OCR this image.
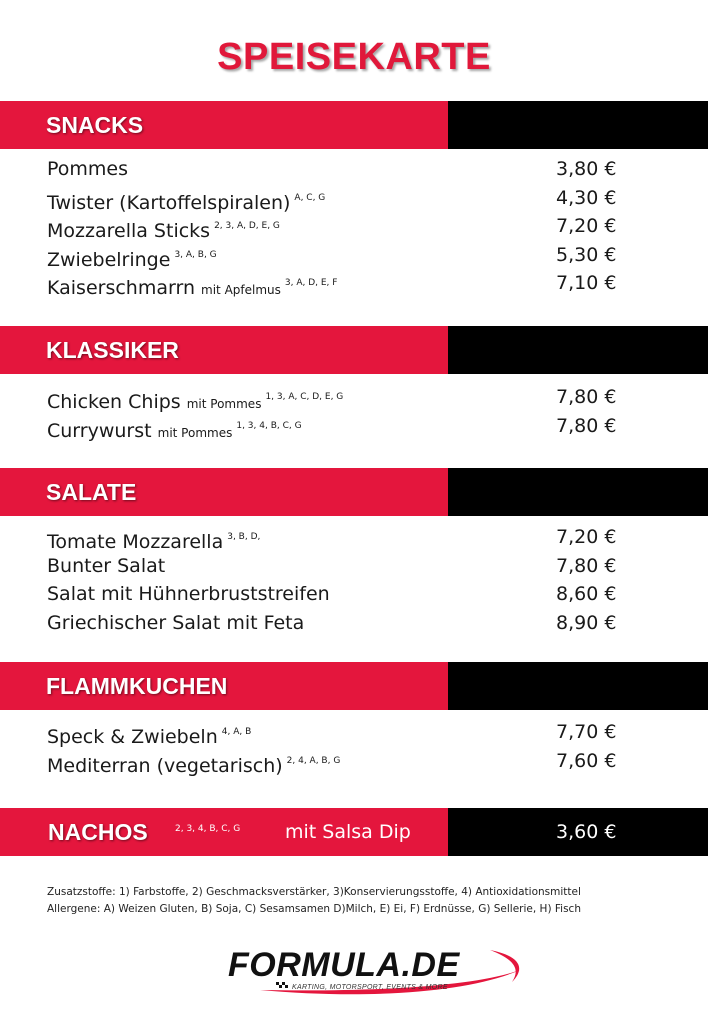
SPEISEKARTE
SNACKS
Pommes	3,80 €
Twister (Kartoffelspiralen) $^{A, C, G}$	4,30 €
Mozzarella Sticks $^{2, 3, A, D, E, G}$	7,20 €
Zwiebelringe $^{3, A, B, G}$	5,30 €
Kaiserschmarrn mit Apfelmus $^{3, A, D, E, F}$	7,10 €
KLASSIKER
Chicken Chips mit Pommes $^{1, 3, A, C, D, E, G}$	7,80 €
Currywurst mit Pommes $^{1, 3, 4, B, C, G}$	7,80 €
SALATE
Tomate Mozzarella $^{3, B, D,}$	7,20 €
Bunter Salat	7,80 €
Salat mit Hühnerbruststreifen	8,60 €
Griechischer Salat mit Feta	8,90 €
FLAMMKUCHEN
Speck & Zwiebeln $^{4, A, B}$	7,70 €
Mediterran (vegetarisch) $^{2, 4, A, B, G}$	7,60 €
NACHOS	2, 3, 4, B, C, G mit Salsa Dip	3,60 €
Zusatzstoffe: 1) Farbstoffe, 2) Geschmacksverstärker, 3)Konservierungsstoffe, 4) Antioxidationsmittel
Allergene: A) Weizen Gluten, B) Soja, C) Sesamsamen D)Milch, E) Ei, F) Erdnüsse, G) Sellerie, H) Fisch
FORMULA.DE
KARTING, MOTORSPORT, EVENTS & MORE
